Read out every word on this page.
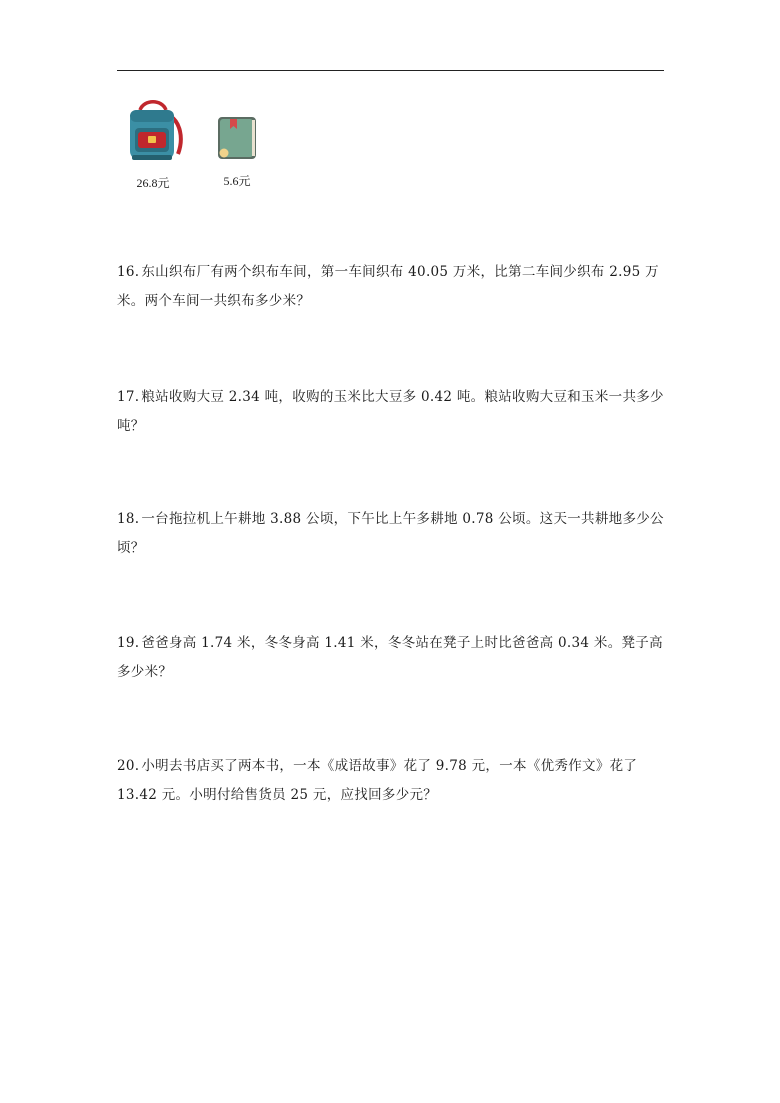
26.8元	5.6元
16. 东山织布厂有两个织布车间，第一车间织布 40.05 万米，比第二车间少织布 2.95 万米。两个车间一共织布多少米？
17. 粮站收购大豆 2.34 吨，收购的玉米比大豆多 0.42 吨。粮站收购大豆和玉米一共多少吨？
18. 一台拖拉机上午耕地 3.88 公顷，下午比上午多耕地 0.78 公顷。这天一共耕地多少公顷？
19. 爸爸身高 1.74 米，冬冬身高 1.41 米，冬冬站在凳子上时比爸爸高 0.34 米。凳子高多少米？
20. 小明去书店买了两本书，一本《成语故事》花了 9.78 元，一本《优秀作文》花了 13.42 元。小明付给售货员 25 元，应找回多少元？
